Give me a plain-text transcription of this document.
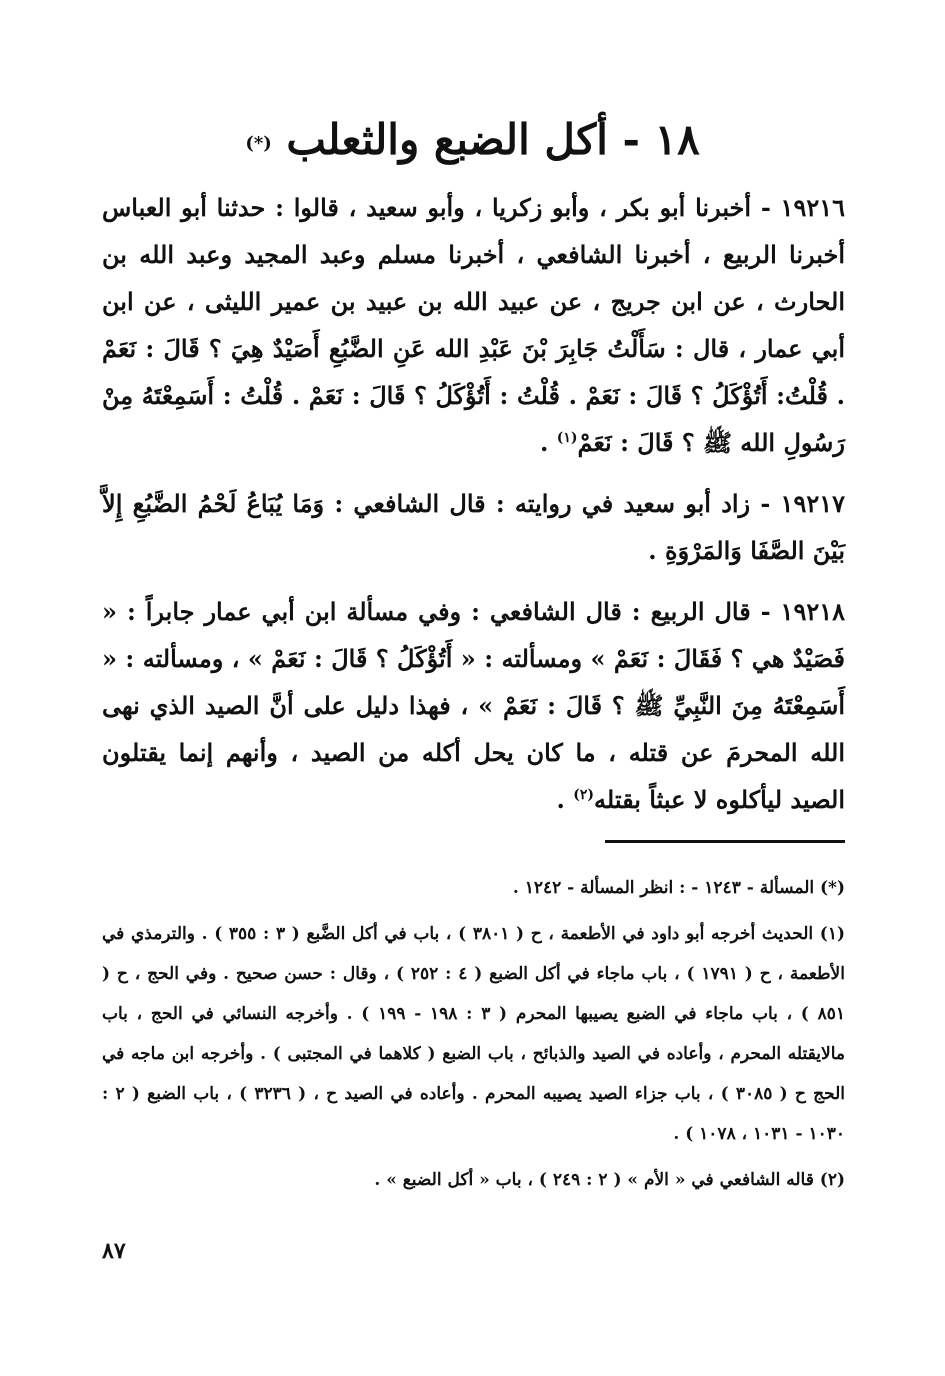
١٨ - أكل الضبع والثعلب (*)

١٩٢١٦ - أخبرنا أبو بكر ، وأبو زكريا ، وأبو سعيد ، قالوا : حدثنا أبو العباس أخبرنا الربيع ، أخبرنا الشافعي ، أخبرنا مسلم وعبد المجيد وعبد الله بن الحارث ، عن ابن جريج ، عن عبيد الله بن عبيد بن عمير الليثى ، عن ابن أبي عمار ، قال : سَأَلْتُ جَابِرَ بْنَ عَبْدِ الله عَنِ الضَّبُعِ أَصَيْدٌ هِيَ ؟ قَالَ : نَعَمْ . قُلْتُ: أَتُؤْكَلُ ؟ قَالَ : نَعَمْ . قُلْتُ : أَتُؤْكَلُ ؟ قَالَ : نَعَمْ . قُلْتُ : أَسَمِعْتَهُ مِنْ رَسُولِ الله ﷺ ؟ قَالَ : نَعَمْ$^{(١)}$ .

١٩٢١٧ - زاد أبو سعيد في روايته : قال الشافعي : وَمَا يُبَاعُ لَحْمُ الضَّبُعِ إِلاَّ بَيْنَ الصَّفَا وَالمَرْوَةِ .

١٩٢١٨ - قال الربيع : قال الشافعي : وفي مسألة ابن أبي عمار جابراً : « فَصَيْدٌ هي ؟ فَقَالَ : نَعَمْ » ومسألته : « أَتُؤْكَلُ ؟ قَالَ : نَعَمْ » ، ومسألته : « أَسَمِعْتَهُ مِنَ النَّبِيِّ ﷺ ؟ قَالَ : نَعَمْ » ، فهذا دليل على أنَّ الصيد الذي نهى الله المحرمَ عن قتله ، ما كان يحل أكله من الصيد ، وأنهم إنما يقتلون الصيد ليأكلوه لا عبثاً بقتله$^{(٢)}$ .

(*) المسألة - ١٢٤٣ - : انظر المسألة - ١٢٤٢ .

(١) الحديث أخرجه أبو داود في الأطعمة ، ح ( ٣٨٠١ ) ، باب في أكل الضَّبع ( ٣ : ٣٥٥ ) . والترمذي في الأطعمة ، ح ( ١٧٩١ ) ، باب ماجاء في أكل الضبع ( ٤ : ٢٥٢ ) ، وقال : حسن صحيح . وفي الحج ، ح ( ٨٥١ ) ، باب ماجاء في الضبع يصيبها المحرم ( ٣ : ١٩٨ - ١٩٩ ) . وأخرجه النسائي في الحج ، باب مالايقتله المحرم ، وأعاده في الصيد والذبائح ، باب الضبع ( كلاهما في المجتبى ) . وأخرجه ابن ماجه في الحج ح ( ٣٠٨٥ ) ، باب جزاء الصيد يصيبه المحرم . وأعاده في الصيد ح ، ( ٣٢٣٦ ) ، باب الضبع ( ٢ : ١٠٣٠ - ١٠٣١ ، ١٠٧٨ ) .

(٢) قاله الشافعي في « الأم » ( ٢ : ٢٤٩ ) ، باب « أكل الضبع » .

٨٧
